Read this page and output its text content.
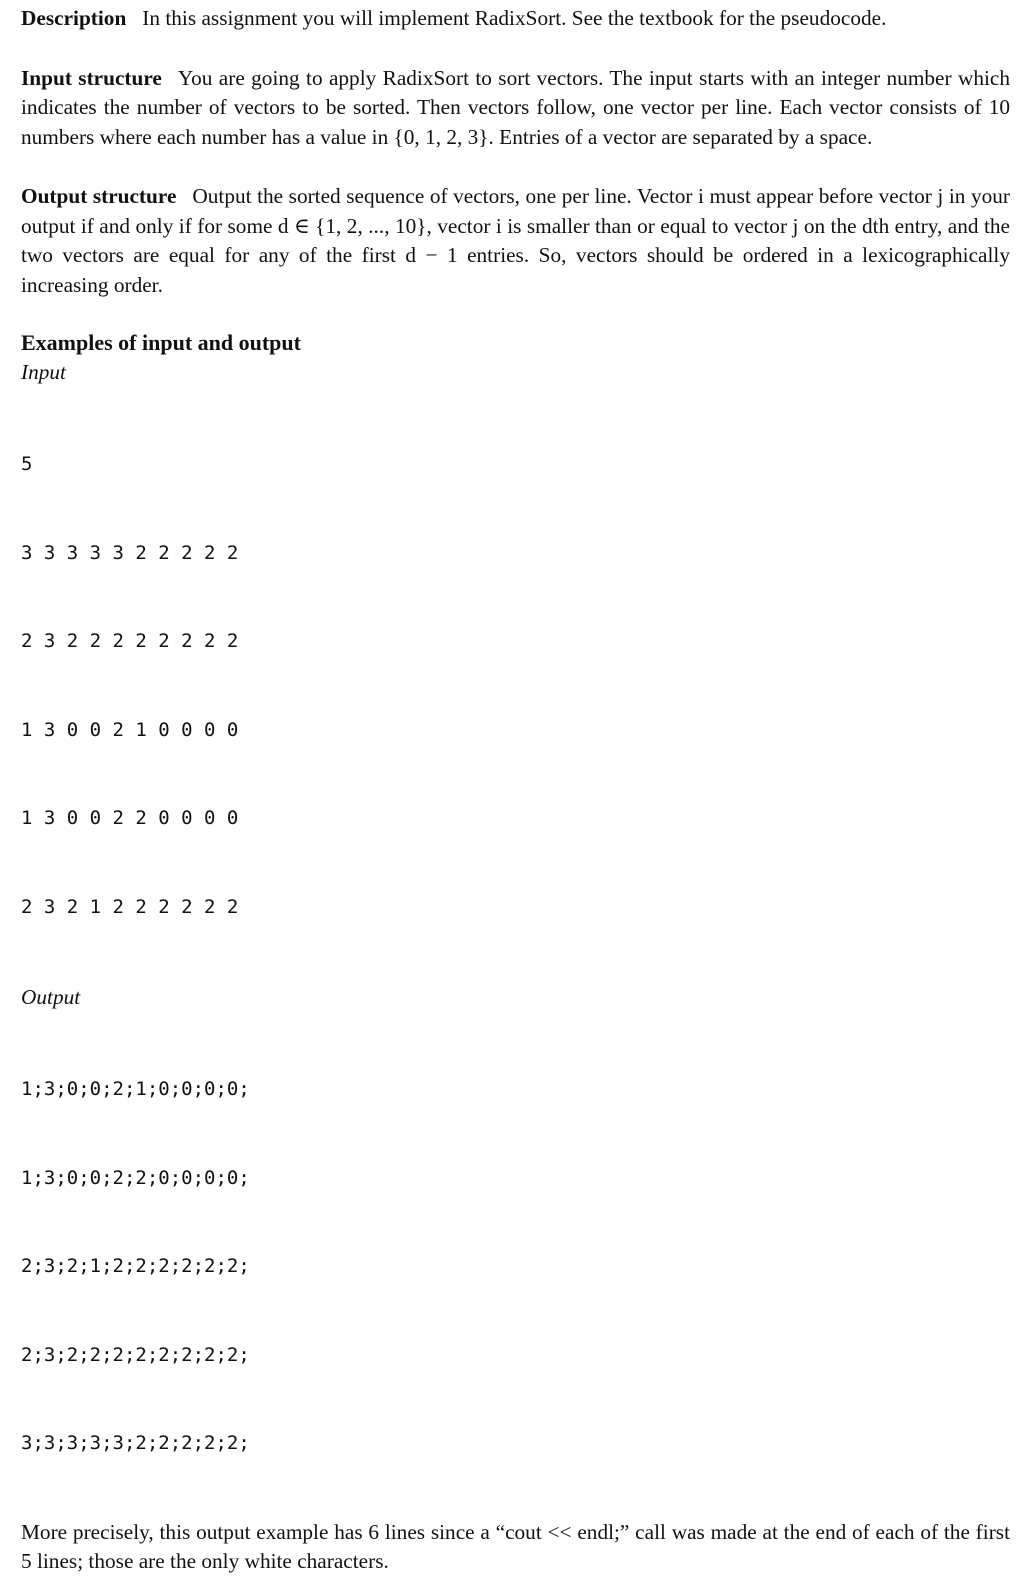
Description In this assignment you will implement RadixSort. See the textbook for the pseudocode.

Input structure You are going to apply RadixSort to sort vectors. The input starts with an integer number which indicates the number of vectors to be sorted. Then vectors follow, one vector per line. Each vector consists of 10 numbers where each number has a value in {0, 1, 2, 3}. Entries of a vector are separated by a space.

Output structure Output the sorted sequence of vectors, one per line. Vector i must appear before vector j in your output if and only if for some d ∈ {1, 2, ..., 10}, vector i is smaller than or equal to vector j on the dth entry, and the two vectors are equal for any of the first d − 1 entries. So, vectors should be ordered in a lexicographically increasing order.

Examples of input and output

Input

5

3 3 3 3 3 2 2 2 2 2

2 3 2 2 2 2 2 2 2 2

1 3 0 0 2 1 0 0 0 0

1 3 0 0 2 2 0 0 0 0

2 3 2 1 2 2 2 2 2 2

Output

1;3;0;0;2;1;0;0;0;0;

1;3;0;0;2;2;0;0;0;0;

2;3;2;1;2;2;2;2;2;2;

2;3;2;2;2;2;2;2;2;2;

3;3;3;3;3;2;2;2;2;2;

More precisely, this output example has 6 lines since a “cout << endl;” call was made at the end of each of the first 5 lines; those are the only white characters.
